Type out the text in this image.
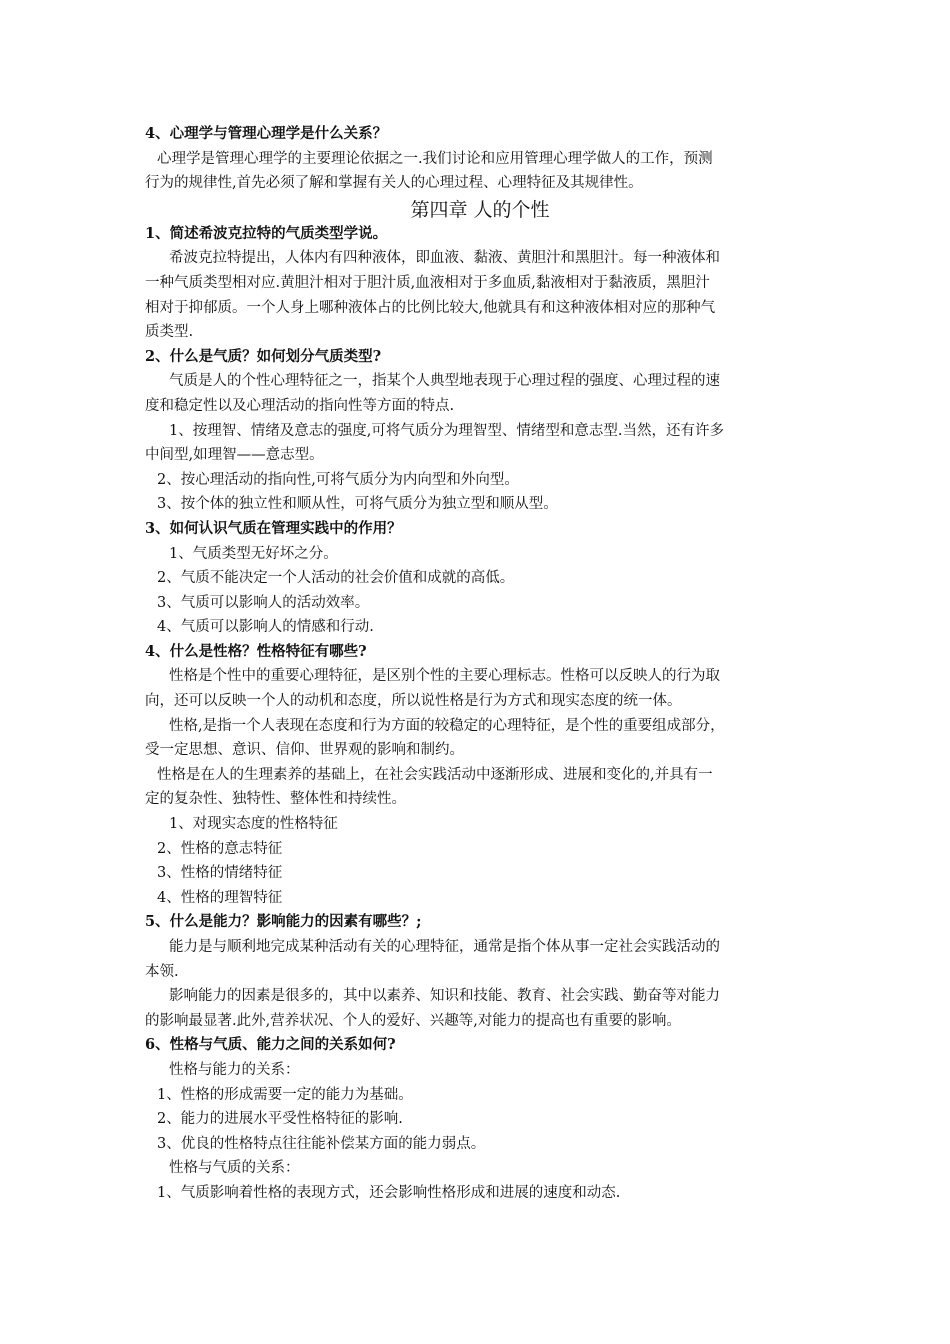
4、心理学与管理心理学是什么关系？
心理学是管理心理学的主要理论依据之一.我们讨论和应用管理心理学做人的工作，预测
行为的规律性,首先必须了解和掌握有关人的心理过程、心理特征及其规律性。
第四章 人的个性
1、简述希波克拉特的气质类型学说。
希波克拉特提出，人体内有四种液体，即血液、黏液、黄胆汁和黑胆汁。每一种液体和
一种气质类型相对应.黄胆汁相对于胆汁质,血液相对于多血质,黏液相对于黏液质，黑胆汁
相对于抑郁质。一个人身上哪种液体占的比例比较大,他就具有和这种液体相对应的那种气
质类型.
2、什么是气质？如何划分气质类型?
气质是人的个性心理特征之一，指某个人典型地表现于心理过程的强度、心理过程的速
度和稳定性以及心理活动的指向性等方面的特点.
1、按理智、情绪及意志的强度,可将气质分为理智型、情绪型和意志型.当然，还有许多
中间型,如理智——意志型。
2、按心理活动的指向性,可将气质分为内向型和外向型。
3、按个体的独立性和顺从性，可将气质分为独立型和顺从型。
3、如何认识气质在管理实践中的作用？
1、气质类型无好坏之分。
2、气质不能决定一个人活动的社会价值和成就的高低。
3、气质可以影响人的活动效率。
4、气质可以影响人的情感和行动.
4、什么是性格？性格特征有哪些?
性格是个性中的重要心理特征，是区别个性的主要心理标志。性格可以反映人的行为取
向，还可以反映一个人的动机和态度，所以说性格是行为方式和现实态度的统一体。
性格,是指一个人表现在态度和行为方面的较稳定的心理特征，是个性的重要组成部分，
受一定思想、意识、信仰、世界观的影响和制约。
性格是在人的生理素养的基础上，在社会实践活动中逐渐形成、进展和变化的,并具有一
定的复杂性、独特性、整体性和持续性。
1、对现实态度的性格特征
2、性格的意志特征
3、性格的情绪特征
4、性格的理智特征
5、什么是能力？影响能力的因素有哪些？;
能力是与顺利地完成某种活动有关的心理特征，通常是指个体从事一定社会实践活动的
本领.
影响能力的因素是很多的，其中以素养、知识和技能、教育、社会实践、勤奋等对能力
的影响最显著.此外,营养状况、个人的爱好、兴趣等,对能力的提高也有重要的影响。
6、性格与气质、能力之间的关系如何?
性格与能力的关系：
1、性格的形成需要一定的能力为基础。
2、能力的进展水平受性格特征的影响.
3、优良的性格特点往往能补偿某方面的能力弱点。
性格与气质的关系：
1、气质影响着性格的表现方式，还会影响性格形成和进展的速度和动态.
